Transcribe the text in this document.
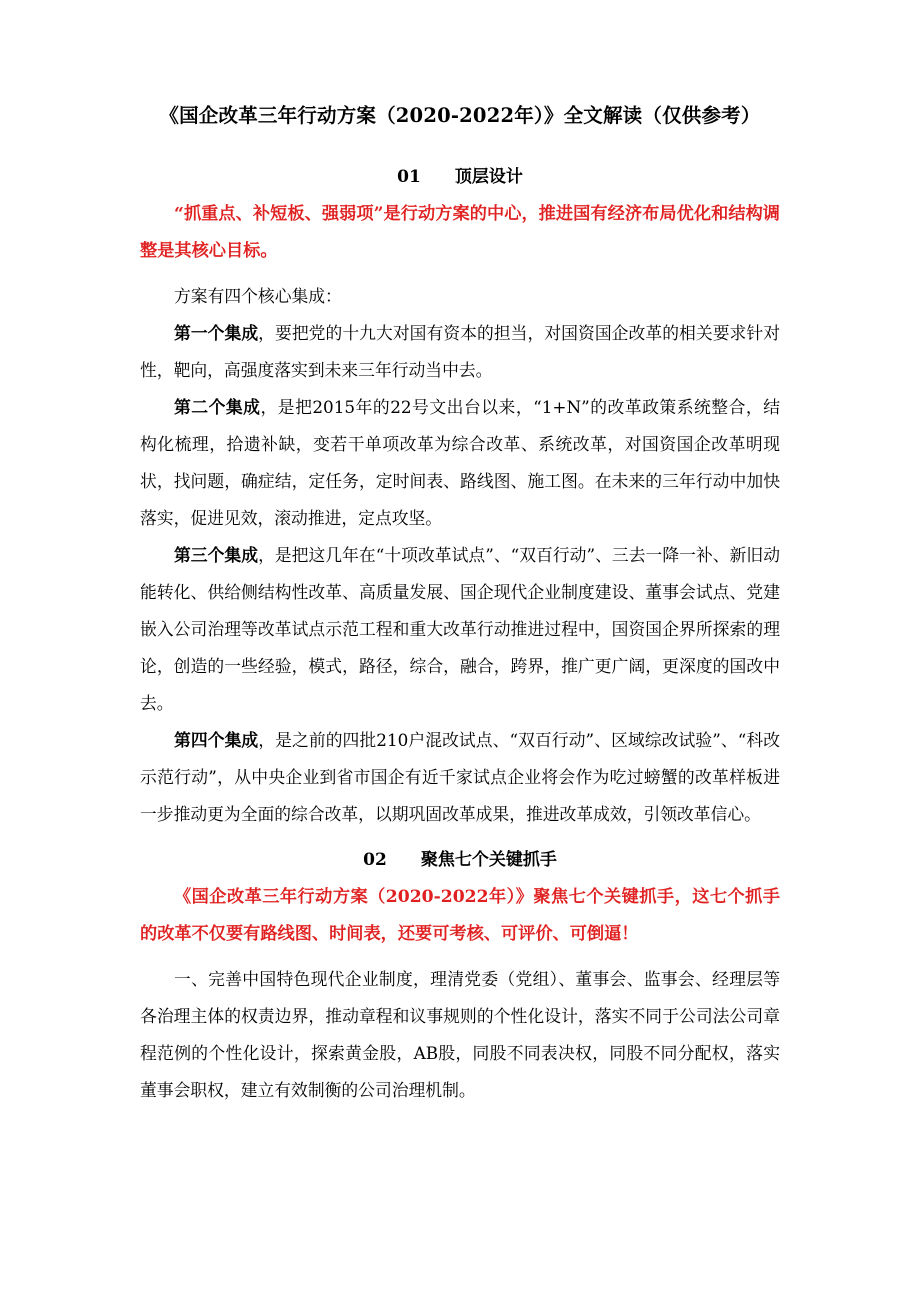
《国企改革三年行动方案（2020-2022年）》全文解读（仅供参考）
01 顶层设计

“抓重点、补短板、强弱项”是行动方案的中心，推进国有经济布局优化和结构调整是其核心目标。

方案有四个核心集成：

第一个集成，要把党的十九大对国有资本的担当，对国资国企改革的相关要求针对性，靶向，高强度落实到未来三年行动当中去。

第二个集成，是把2015年的22号文出台以来，“1+N”的改革政策系统整合，结构化梳理，拾遗补缺，变若干单项改革为综合改革、系统改革，对国资国企改革明现状，找问题，确症结，定任务，定时间表、路线图、施工图。在未来的三年行动中加快落实，促进见效，滚动推进，定点攻坚。

第三个集成，是把这几年在“十项改革试点”、“双百行动”、三去一降一补、新旧动能转化、供给侧结构性改革、高质量发展、国企现代企业制度建设、董事会试点、党建嵌入公司治理等改革试点示范工程和重大改革行动推进过程中，国资国企界所探索的理论，创造的一些经验，模式，路径，综合，融合，跨界，推广更广阔，更深度的国改中去。

第四个集成，是之前的四批210户混改试点、“双百行动”、区域综改试验”、“科改示范行动”，从中央企业到省市国企有近千家试点企业将会作为吃过螃蟹的改革样板进一步推动更为全面的综合改革，以期巩固改革成果，推进改革成效，引领改革信心。

02 聚焦七个关键抓手

《国企改革三年行动方案（2020-2022年）》聚焦七个关键抓手，这七个抓手的改革不仅要有路线图、时间表，还要可考核、可评价、可倒逼！

一、完善中国特色现代企业制度，理清党委（党组）、董事会、监事会、经理层等各治理主体的权责边界，推动章程和议事规则的个性化设计，落实不同于公司法公司章程范例的个性化设计，探索黄金股，AB股，同股不同表决权，同股不同分配权，落实董事会职权，建立有效制衡的公司治理机制。
